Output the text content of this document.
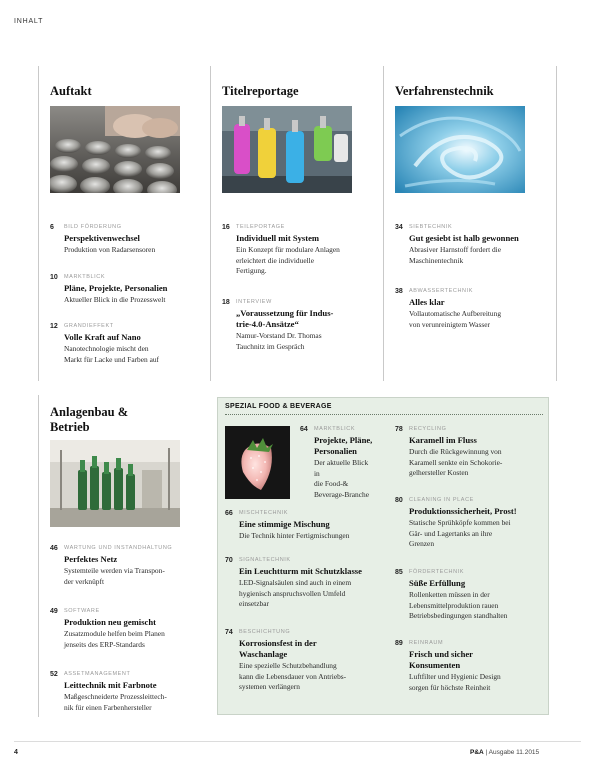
INHALT
Auftakt	Titelreportage	Verfahrenstechnik
Anlagenbau &
Betrieb
6 BILD FÖRDERUNG
Perspektivenwechsel
Produktion von Radarsensoren
10 MARKTBLICK
Pläne, Projekte, Personalien
Aktueller Blick in die Prozesswelt
12 GRANDIEFFEKT
Volle Kraft auf Nano
Nanotechnologie mischt den
Markt für Lacke und Farben auf
16 TEILEPORTAGE
Individuell mit System
Ein Konzept für modulare Anlagen
erleichtert die individuelle
Fertigung.
18 INTERVIEW
„Voraussetzung für Indus-
trie-4.0-Ansätze“
Namur-Vorstand Dr. Thomas
Tauchnitz im Gespräch
34 SIEBTECHNIK
Gut gesiebt ist halb gewonnen
Abrasiver Harnstoff fordert die
Maschinentechnik
38 ABWASSERTECHNIK
Alles klar
Vollautomatische Aufbereitung
von verunreinigtem Wasser
46 WARTUNG UND INSTANDHALTUNG
Perfektes Netz
Systemteile werden via Transpon-
der verknüpft
49 SOFTWARE
Produktion neu gemischt
Zusatzmodule helfen beim Planen
jenseits des ERP-Standards
52 ASSETMANAGEMENT
Leittechnik mit Farbnote
Maßgeschneiderte Prozessleittech-
nik für einen Farbenhersteller
SPEZIAL FOOD & BEVERAGE
64 MARKTBLICK
Projekte, Pläne,
Personalien
Der aktuelle Blick in
die Food-&
Beverage-Branche
66 MISCHTECHNIK
Eine stimmige Mischung
Die Technik hinter Fertigmischungen
70 SIGNALTECHNIK
Ein Leuchtturm mit Schutzklasse
LED-Signalsäulen sind auch in einem
hygienisch anspruchsvollen Umfeld
einsetzbar
74 BESCHICHTUNG
Korrosionsfest in der
Waschanlage
Eine spezielle Schutzbehandlung
kann die Lebensdauer von Antriebs-
systemen verlängern
78 RECYCLING
Karamell im Fluss
Durch die Rückgewinnung von
Karamell senkte ein Schokorie-
gelhersteller Kosten
80 CLEANING IN PLACE
Produktionssicherheit, Prost!
Statische Sprühköpfe kommen bei
Gär- und Lagertanks an ihre
Grenzen
85 FÖRDERTECHNIK
Süße Erfüllung
Rollenketten müssen in der
Lebensmittelproduktion rauen
Betriebsbedingungen standhalten
89 REINRAUM
Frisch und sicher
Konsumenten
Luftfilter und Hygienic Design
sorgen für höchste Reinheit
4	P&A | Ausgabe 11.2015
